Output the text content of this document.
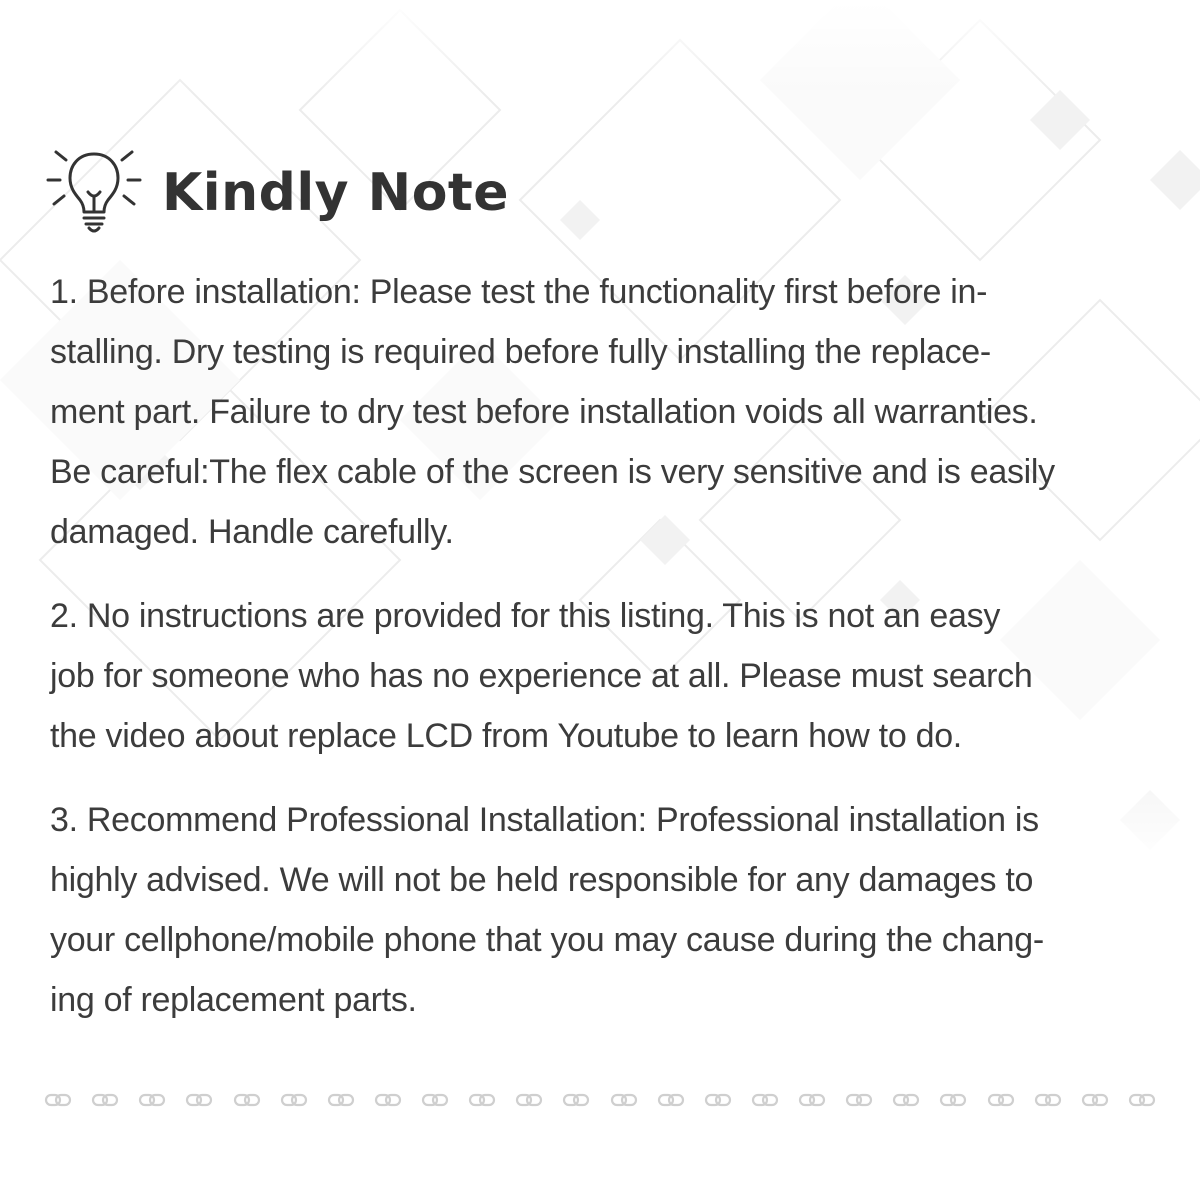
Kindly Note

1. Before installation: Please test the functionality first before in-
stalling. Dry testing is required before fully installing the replace-
ment part. Failure to dry test before installation voids all warranties.
Be careful:The flex cable of the screen is very sensitive and is easily
damaged. Handle carefully.

2. No instructions are provided for this listing. This is not an easy
job for someone who has no experience at all. Please must search
the video about replace LCD from Youtube to learn how to do.

3. Recommend Professional Installation: Professional installation is
highly advised. We will not be held responsible for any damages to
your cellphone/mobile phone that you may cause during the chang-
ing of replacement parts.
